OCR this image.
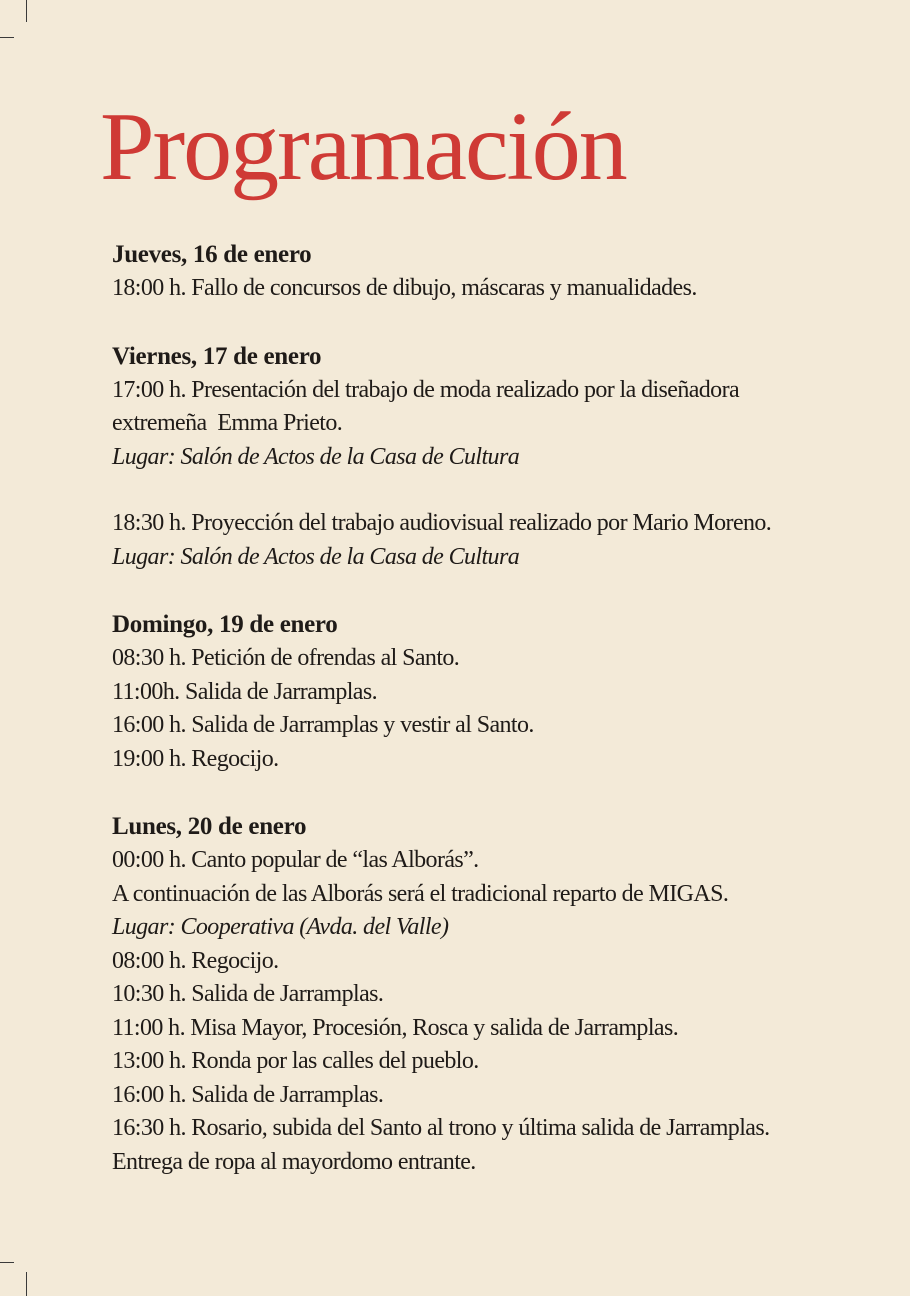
Programación
Jueves, 16 de enero
18:00 h. Fallo de concursos de dibujo, máscaras y manualidades.
Viernes, 17 de enero
17:00 h. Presentación del trabajo de moda realizado por la diseñadora
extremeña  Emma Prieto.
Lugar: Salón de Actos de la Casa de Cultura
18:30 h. Proyección del trabajo audiovisual realizado por Mario Moreno.
Lugar: Salón de Actos de la Casa de Cultura
Domingo, 19 de enero
08:30 h. Petición de ofrendas al Santo.
11:00h. Salida de Jarramplas.
16:00 h. Salida de Jarramplas y vestir al Santo.
19:00 h. Regocijo.
Lunes, 20 de enero
00:00 h. Canto popular de “las Alborás”.
A continuación de las Alborás será el tradicional reparto de MIGAS.
Lugar: Cooperativa (Avda. del Valle)
08:00 h. Regocijo.
10:30 h. Salida de Jarramplas.
11:00 h. Misa Mayor, Procesión, Rosca y salida de Jarramplas.
13:00 h. Ronda por las calles del pueblo.
16:00 h. Salida de Jarramplas.
16:30 h. Rosario, subida del Santo al trono y última salida de Jarramplas.
Entrega de ropa al mayordomo entrante.
